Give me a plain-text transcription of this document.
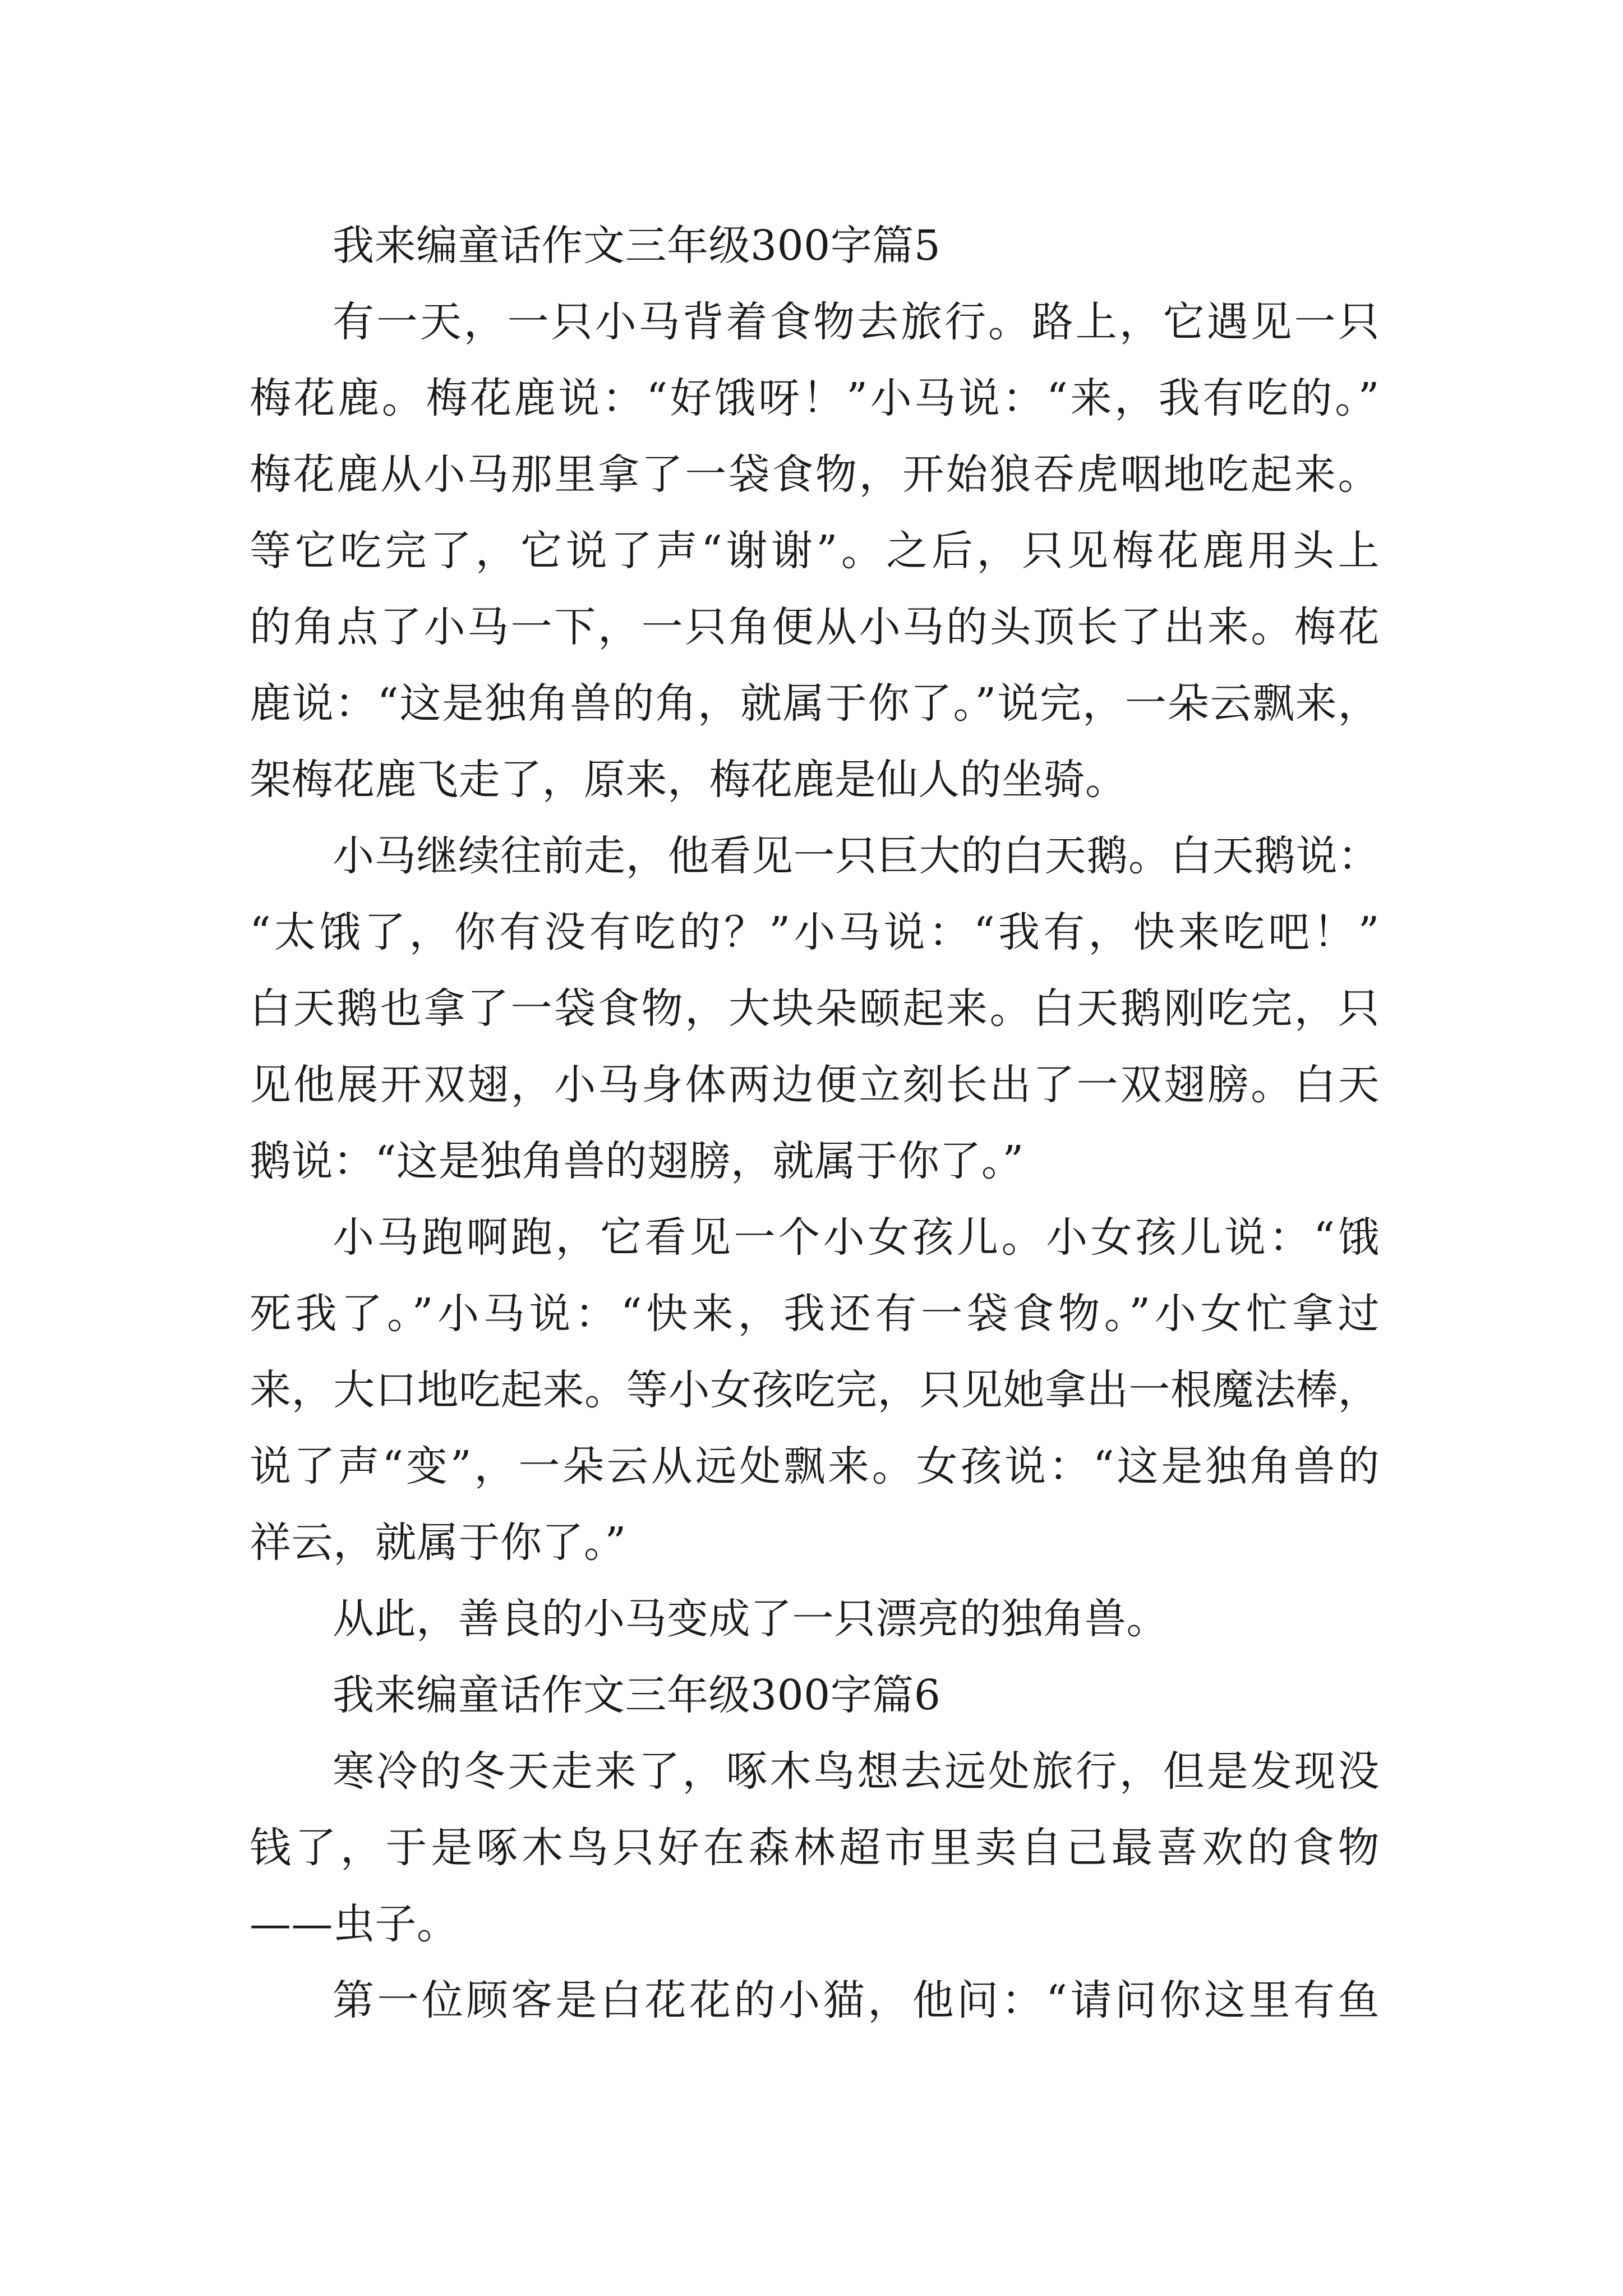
我来编童话作文三年级300字篇5
有一天，一只小马背着食物去旅行。路上，它遇见一只
梅花鹿。梅花鹿说：“好饿呀！”小马说：“来，我有吃的。”
梅花鹿从小马那里拿了一袋食物，开始狼吞虎咽地吃起来。
等它吃完了，它说了声“谢谢”。之后，只见梅花鹿用头上
的角点了小马一下，一只角便从小马的头顶长了出来。梅花
鹿说：“这是独角兽的角，就属于你了。”说完，一朵云飘来，
架梅花鹿飞走了，原来，梅花鹿是仙人的坐骑。
小马继续往前走，他看见一只巨大的白天鹅。白天鹅说：
“太饿了，你有没有吃的？”小马说：“我有，快来吃吧！”
白天鹅也拿了一袋食物，大块朵颐起来。白天鹅刚吃完，只
见他展开双翅，小马身体两边便立刻长出了一双翅膀。白天
鹅说：“这是独角兽的翅膀，就属于你了。”
小马跑啊跑，它看见一个小女孩儿。小女孩儿说：“饿
死我了。”小马说：“快来，我还有一袋食物。”小女忙拿过
来，大口地吃起来。等小女孩吃完，只见她拿出一根魔法棒，
说了声“变”，一朵云从远处飘来。女孩说：“这是独角兽的
祥云，就属于你了。”
从此，善良的小马变成了一只漂亮的独角兽。
我来编童话作文三年级300字篇6
寒冷的冬天走来了，啄木鸟想去远处旅行，但是发现没
钱了，于是啄木鸟只好在森林超市里卖自己最喜欢的食物
——虫子。
第一位顾客是白花花的小猫，他问：“请问你这里有鱼
